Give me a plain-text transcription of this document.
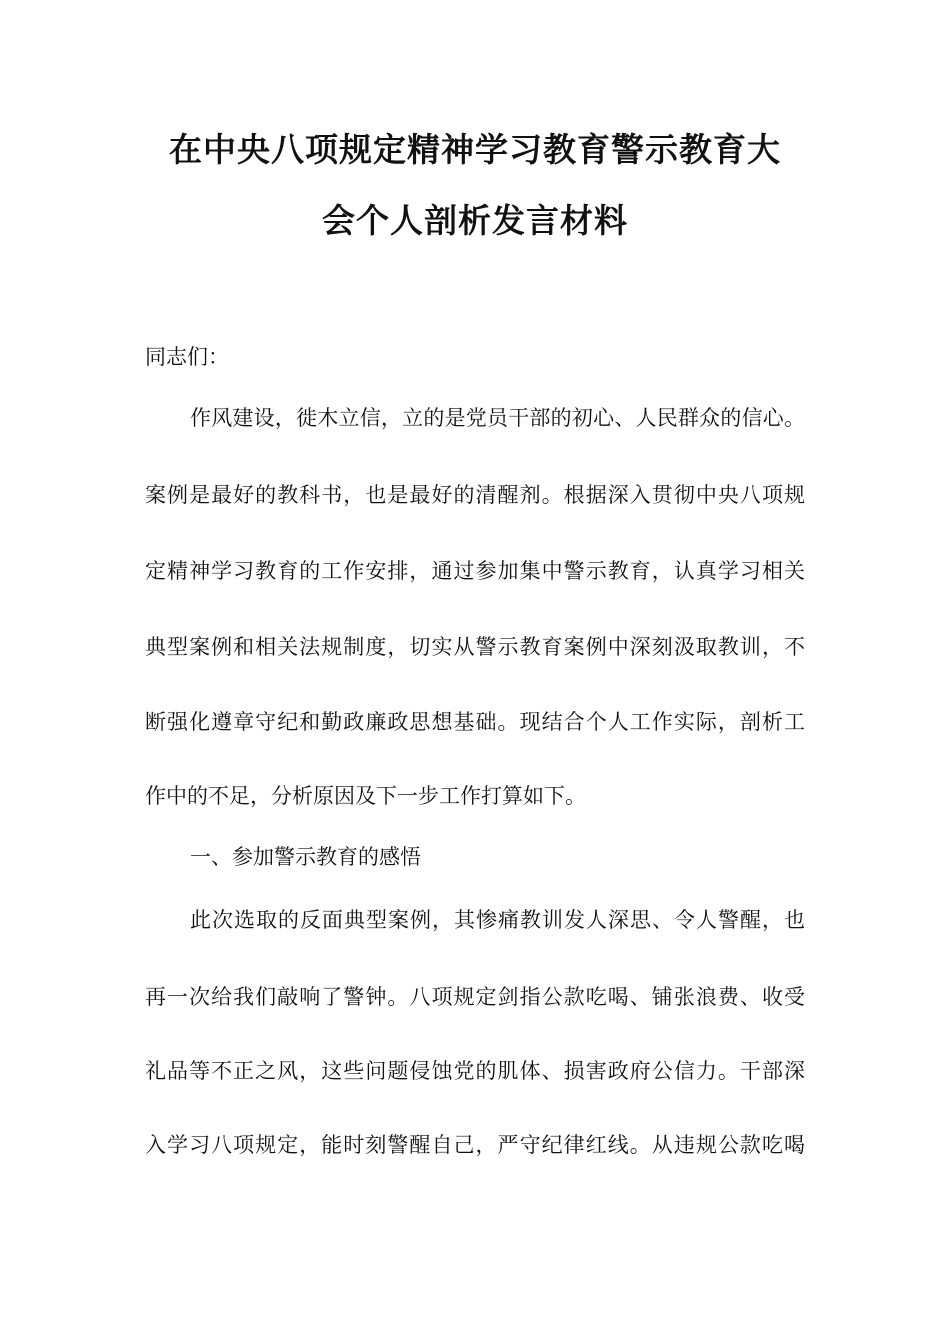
在中央八项规定精神学习教育警示教育大
会个人剖析发言材料
同志们：
作风建设，徙木立信，立的是党员干部的初心、人民群众的信心。
案例是最好的教科书，也是最好的清醒剂。根据深入贯彻中央八项规
定精神学习教育的工作安排，通过参加集中警示教育，认真学习相关
典型案例和相关法规制度，切实从警示教育案例中深刻汲取教训，不
断强化遵章守纪和勤政廉政思想基础。现结合个人工作实际，剖析工
作中的不足，分析原因及下一步工作打算如下。
一、参加警示教育的感悟
此次选取的反面典型案例，其惨痛教训发人深思、令人警醒，也
再一次给我们敲响了警钟。八项规定剑指公款吃喝、铺张浪费、收受
礼品等不正之风，这些问题侵蚀党的肌体、损害政府公信力。干部深
入学习八项规定，能时刻警醒自己，严守纪律红线。从违规公款吃喝
